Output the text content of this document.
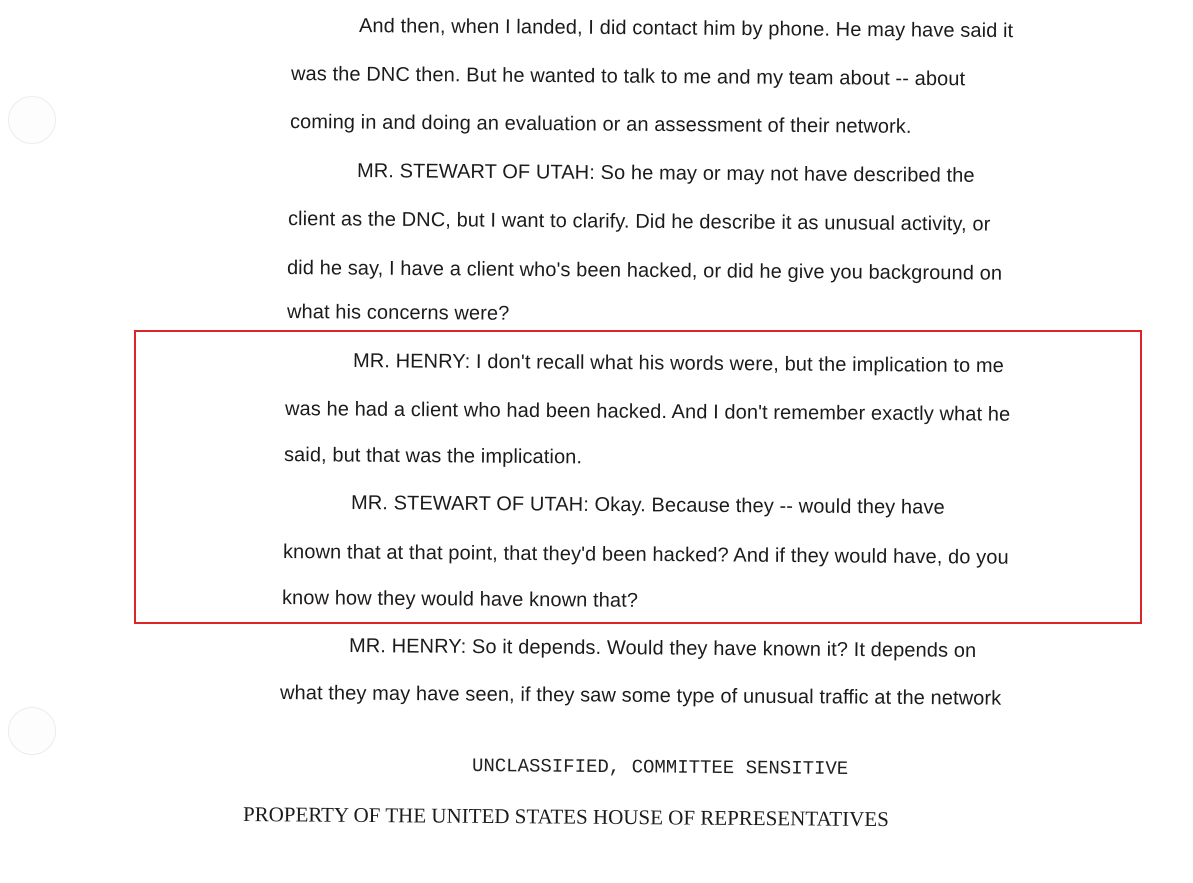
And then, when I landed, I did contact him by phone. He may have said it
was the DNC then. But he wanted to talk to me and my team about -- about
coming in and doing an evaluation or an assessment of their network.
MR. STEWART OF UTAH: So he may or may not have described the
client as the DNC, but I want to clarify. Did he describe it as unusual activity, or
did he say, I have a client who's been hacked, or did he give you background on
what his concerns were?
MR. HENRY: I don't recall what his words were, but the implication to me
was he had a client who had been hacked. And I don't remember exactly what he
said, but that was the implication.
MR. STEWART OF UTAH: Okay. Because they -- would they have
known that at that point, that they'd been hacked? And if they would have, do you
know how they would have known that?
MR. HENRY: So it depends. Would they have known it? It depends on
what they may have seen, if they saw some type of unusual traffic at the network
UNCLASSIFIED, COMMITTEE SENSITIVE
PROPERTY OF THE UNITED STATES HOUSE OF REPRESENTATIVES
